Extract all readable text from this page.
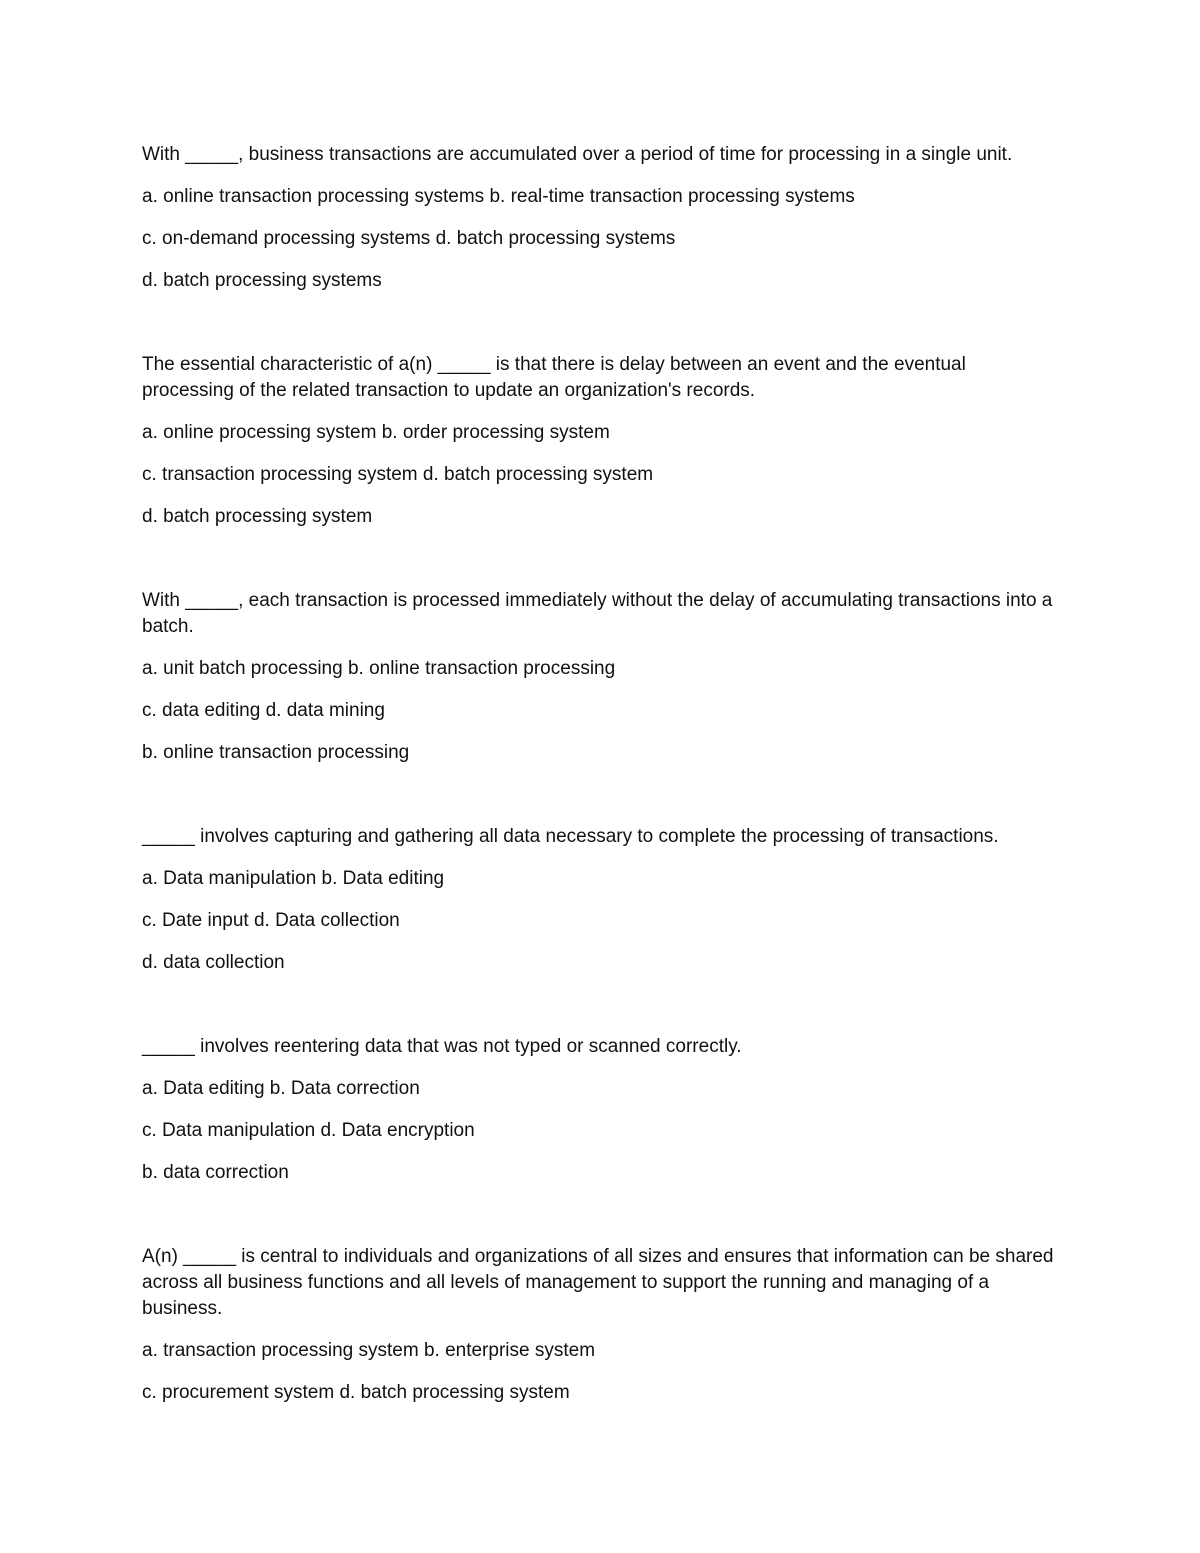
With _____, business transactions are accumulated over a period of time for processing in a single unit.

a. online transaction processing systems b. real-time transaction processing systems

c. on-demand processing systems d. batch processing systems

d. batch processing systems

The essential characteristic of a(n) _____ is that there is delay between an event and the eventual processing of the related transaction to update an organization's records.

a. online processing system b. order processing system

c. transaction processing system d. batch processing system

d. batch processing system

With _____, each transaction is processed immediately without the delay of accumulating transactions into a batch.

a. unit batch processing b. online transaction processing

c. data editing d. data mining

b. online transaction processing

_____ involves capturing and gathering all data necessary to complete the processing of transactions.

a. Data manipulation b. Data editing

c. Date input d. Data collection

d. data collection

_____ involves reentering data that was not typed or scanned correctly.

a. Data editing b. Data correction

c. Data manipulation d. Data encryption

b. data correction

A(n) _____ is central to individuals and organizations of all sizes and ensures that information can be shared across all business functions and all levels of management to support the running and managing of a business.

a. transaction processing system b. enterprise system

c. procurement system d. batch processing system
